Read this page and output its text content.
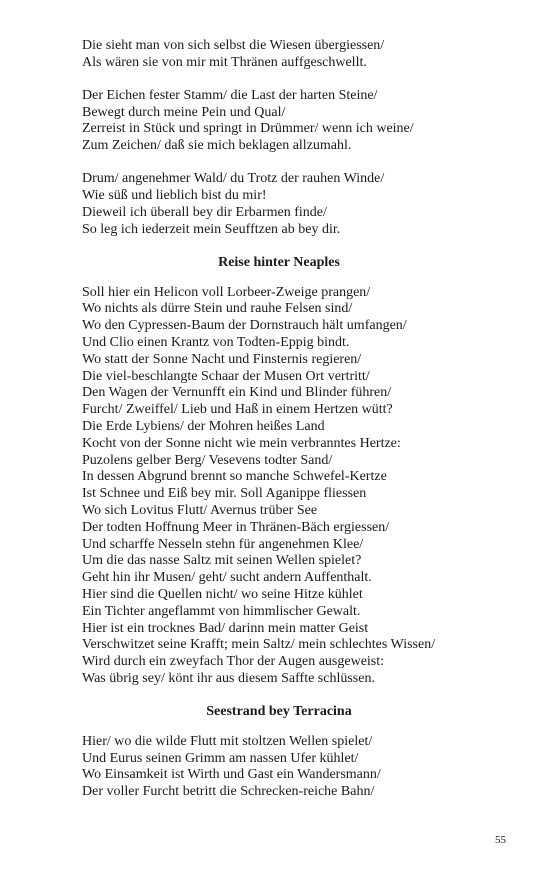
Die sieht man von sich selbst die Wiesen übergiessen/
Als wären sie von mir mit Thränen auffgeschwellt.
Der Eichen fester Stamm/ die Last der harten Steine/
Bewegt durch meine Pein und Qual/
Zerreist in Stück und springt in Drümmer/ wenn ich weine/
Zum Zeichen/ daß sie mich beklagen allzumahl.
Drum/ angenehmer Wald/ du Trotz der rauhen Winde/
Wie süß und lieblich bist du mir!
Dieweil ich überall bey dir Erbarmen finde/
So leg ich iederzeit mein Seufftzen ab bey dir.
Reise hinter Neaples
Soll hier ein Helicon voll Lorbeer-Zweige prangen/
Wo nichts als dürre Stein und rauhe Felsen sind/
Wo den Cypressen-Baum der Dornstrauch hält umfangen/
Und Clio einen Krantz von Todten-Eppig bindt.
Wo statt der Sonne Nacht und Finsternis regieren/
Die viel-beschlangte Schaar der Musen Ort vertritt/
Den Wagen der Vernunfft ein Kind und Blinder führen/
Furcht/ Zweiffel/ Lieb und Haß in einem Hertzen wütt?
Die Erde Lybiens/ der Mohren heißes Land
Kocht von der Sonne nicht wie mein verbranntes Hertze:
Puzolens gelber Berg/ Vesevens todter Sand/
In dessen Abgrund brennt so manche Schwefel-Kertze
Ist Schnee und Eiß bey mir. Soll Aganippe fliessen
Wo sich Lovitus Flutt/ Avernus trüber See
Der todten Hoffnung Meer in Thränen-Bäch ergiessen/
Und scharffe Nesseln stehn für angenehmen Klee/
Um die das nasse Saltz mit seinen Wellen spielet?
Geht hin ihr Musen/ geht/ sucht andern Auffenthalt.
Hier sind die Quellen nicht/ wo seine Hitze kühlet
Ein Tichter angeflammt von himmlischer Gewalt.
Hier ist ein trocknes Bad/ darinn mein matter Geist
Verschwitzet seine Krafft; mein Saltz/ mein schlechtes Wissen/
Wird durch ein zweyfach Thor der Augen ausgeweist:
Was übrig sey/ könt ihr aus diesem Saffte schlüssen.
Seestrand bey Terracina
Hier/ wo die wilde Flutt mit stoltzen Wellen spielet/
Und Eurus seinen Grimm am nassen Ufer kühlet/
Wo Einsamkeit ist Wirth und Gast ein Wandersmann/
Der voller Furcht betritt die Schrecken-reiche Bahn/
55
